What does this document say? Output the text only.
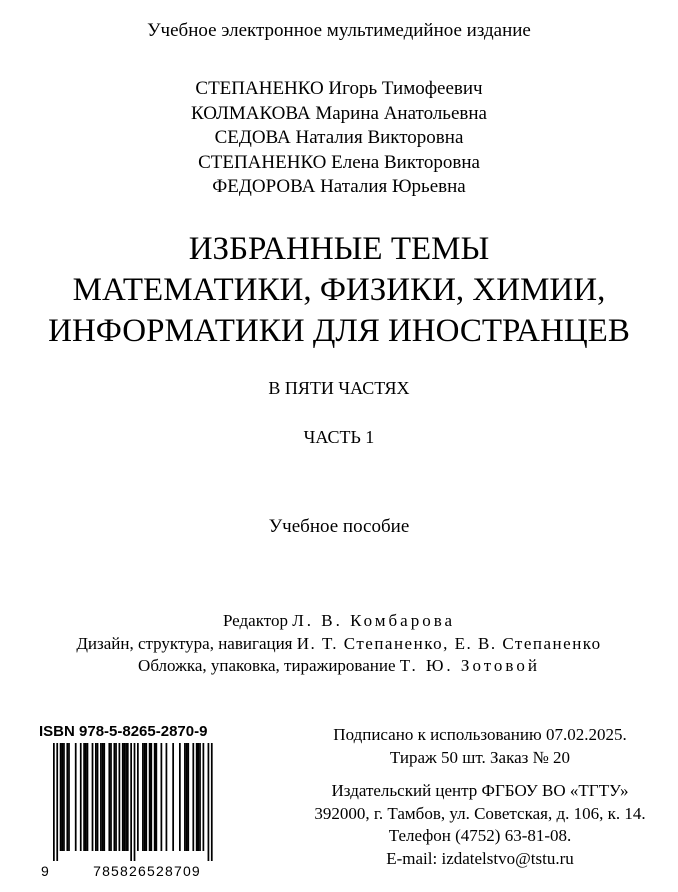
Учебное электронное мультимедийное издание
СТЕПАНЕНКО Игорь Тимофеевич
КОЛМАКОВА Марина Анатольевна
СЕДОВА Наталия Викторовна
СТЕПАНЕНКО Елена Викторовна
ФЕДОРОВА Наталия Юрьевна
ИЗБРАННЫЕ ТЕМЫ
МАТЕМАТИКИ, ФИЗИКИ, ХИМИИ,
ИНФОРМАТИКИ ДЛЯ ИНОСТРАНЦЕВ
В ПЯТИ ЧАСТЯХ
ЧАСТЬ 1
Учебное пособие
Редактор Л. В. Комбарова
Дизайн, структура, навигация И. Т. Степаненко, Е. В. Степаненко
Обложка, упаковка, тиражирование Т. Ю. Зотовой
ISBN 978-5-8265-2870-9
9	785826528709
Подписано к использованию 07.02.2025.
Тираж 50 шт. Заказ № 20
Издательский центр ФГБОУ ВО «ТГТУ»
392000, г. Тамбов, ул. Советская, д. 106, к. 14.
Телефон (4752) 63-81-08.
E-mail: izdatelstvo@tstu.ru
